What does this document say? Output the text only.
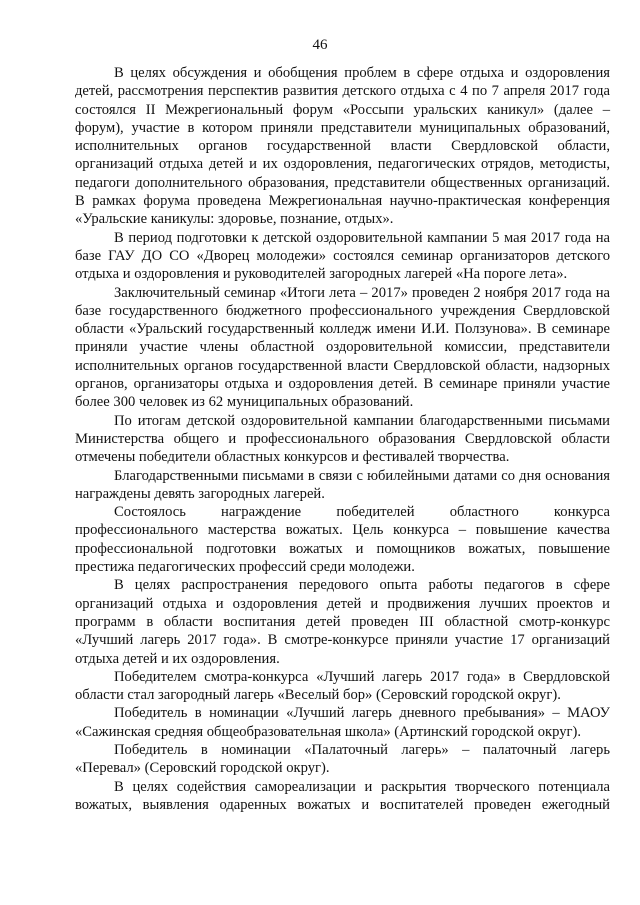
46

В целях обсуждения и обобщения проблем в сфере отдыха и оздоровления детей, рассмотрения перспектив развития детского отдыха с 4 по 7 апреля 2017 года состоялся II Межрегиональный форум «Россыпи уральских каникул» (далее – форум), участие в котором приняли представители муниципальных образований, исполнительных органов государственной власти Свердловской области, организаций отдыха детей и их оздоровления, педагогических отрядов, методисты, педагоги дополнительного образования, представители общественных организаций. В рамках форума проведена Межрегиональная научно-практическая конференция «Уральские каникулы: здоровье, познание, отдых».

В период подготовки к детской оздоровительной кампании 5 мая 2017 года на базе ГАУ ДО СО «Дворец молодежи» состоялся семинар организаторов детского отдыха и оздоровления и руководителей загородных лагерей «На пороге лета».

Заключительный семинар «Итоги лета – 2017» проведен 2 ноября 2017 года на базе государственного бюджетного профессионального учреждения Свердловской области «Уральский государственный колледж имени И.И. Ползунова». В семинаре приняли участие члены областной оздоровительной комиссии, представители исполнительных органов государственной власти Свердловской области, надзорных органов, организаторы отдыха и оздоровления детей. В семинаре приняли участие более 300 человек из 62 муниципальных образований.

По итогам детской оздоровительной кампании благодарственными письмами Министерства общего и профессионального образования Свердловской области отмечены победители областных конкурсов и фестивалей творчества.

Благодарственными письмами в связи с юбилейными датами со дня основания награждены девять загородных лагерей.

Состоялось награждение победителей областного конкурса профессионального мастерства вожатых. Цель конкурса – повышение качества профессиональной подготовки вожатых и помощников вожатых, повышение престижа педагогических профессий среди молодежи.

В целях распространения передового опыта работы педагогов в сфере организаций отдыха и оздоровления детей и продвижения лучших проектов и программ в области воспитания детей проведен III областной смотр-конкурс «Лучший лагерь 2017 года». В смотре-конкурсе приняли участие 17 организаций отдыха детей и их оздоровления.

Победителем смотра-конкурса «Лучший лагерь 2017 года» в Свердловской области стал загородный лагерь «Веселый бор» (Серовский городской округ).

Победитель в номинации «Лучший лагерь дневного пребывания» – МАОУ «Сажинская средняя общеобразовательная школа» (Артинский городской округ).

Победитель в номинации «Палаточный лагерь» – палаточный лагерь «Перевал» (Серовский городской округ).

В целях содействия самореализации и раскрытия творческого потенциала вожатых, выявления одаренных вожатых и воспитателей проведен ежегодный
